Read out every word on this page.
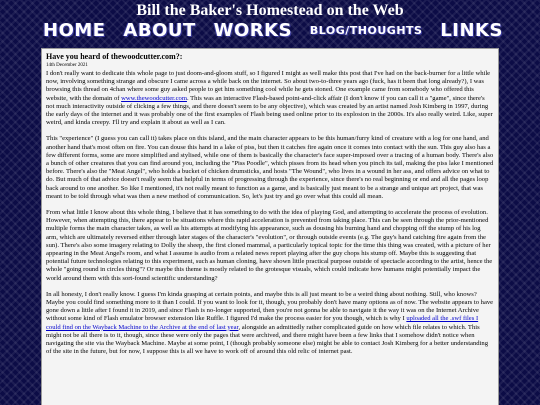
Bill the Baker's Homestead on the Web
HOME ABOUT WORKS BLOG/THOUGHTS LINKS

Have you heard of thewoodcutter.com?:

14th December 2021

I don't really want to dedicate this whole page to just doom-and-gloom stuff, so I figured I might as well make this post that I've had on the back-burner for a little while now, involving something strange and obscure I came across a while back on the internet. So about two-to-three years ago (fuck, has it been that long already?), I was browsing this thread on 4chan where some guy asked people to get him something cool while he gets stoned. One example came from somebody who offered this website, with the domain of www.thewoodcutter.com. This was an interactive Flash-based point-and-click affair (I don't know if you can call it a "game", since there's not much interactivity outside of clicking a few things, and there doesn't seem to be any objective), which was created by an artist named Josh Kimberg in 1997, during the early days of the internet and it was probably one of the first examples of Flash being used online prior to its explosion in the 2000s. It's also really weird. Like, super weird, and kinda creepy. I'll try and explain it about as well as I can.

This "experience" (I guess you can call it) takes place on this island, and the main character appears to be this human/furry kind of creature with a log for one hand, and another hand that's most often on fire. You can douse this hand in a lake of piss, but then it catches fire again once it comes into contact with the sun. This guy also has a few different forms, some are more simplified and stylised, while one of them is basically the character's face super-imposed over a tracing of a human body. There's also a bunch of other creatures that you can find around you, including the "Piss Poodle", which pisses from its head when you pinch its tail, making the piss lake I mentioned before. There's also the "Meat Angel", who holds a bucket of chicken drumsticks, and hosts "The Wound", who lives in a wound in her ass, and offers advice on what to do. But much of that advice doesn't really seem that helpful in terms of progressing through the experience, since there's no real beginning or end and all the pages loop back around to one another. So like I mentioned, it's not really meant to function as a game, and is basically just meant to be a strange and unique art project, that was meant to be told through what was then a new method of communication. So, let's just try and go over what this could all mean.

From what little I know about this whole thing, I believe that it has something to do with the idea of playing God, and attempting to accelerate the process of evolution. However, when attempting this, there appear to be situations where this rapid acceleration is prevented from taking place. This can be seen through the prior-mentioned multiple forms the main character takes, as well as his attempts at modifying his appearance, such as dousing his burning hand and chopping off the stump of his log arm, which are ultimately reversed either through later stages of the character's "evolution", or through outside events (e.g. The guy's hand catching fire again from the sun). There's also some imagery relating to Dolly the sheep, the first cloned mammal, a particularly topical topic for the time this thing was created, with a picture of her appearing in the Meat Angel's room, and what I assume is audio from a related news report playing after the guy chops his stump off. Maybe this is suggesting that potential future technologies relating to this experiment, such as human cloning, have shown little practical purpose outside of spectacle according to the artist, hence the whole "going round in circles thing"? Or maybe this theme is mostly related to the grotesque visuals, which could indicate how humans might potentially impact the world around them with this sort-found scientific understanding?

In all honesty, I don't really know. I guess I'm kinda grasping at certain points, and maybe this is all just meant to be a weird thing about nothing. Still, who knows? Maybe you could find something more to it than I could. If you want to look for it, though, you probably don't have many options as of now. The website appears to have gone down a little after I found it in 2019, and since Flash is no-longer supported, then you're not gonna be able to navigate it the way it was on the Internet Archive without some kind of Flash emulator browser extension like Ruffle. I figured I'd make the process easier for you though, which is why I uploaded all the .swf files I could find on the Wayback Machine to the Archive at the end of last year, alongside an admittedly rather complicated guide on how which file relates to which. This might not be all there is to it, though, since these were only the pages that were archived, and there might have been a few links that I somehow didn't notice when navigating the site via the Wayback Machine. Maybe at some point, I (though probably someone else) might be able to contact Josh Kimberg for a better understanding of the site in the future, but for now, I suppose this is all we have to work off of around this old relic of internet past.
